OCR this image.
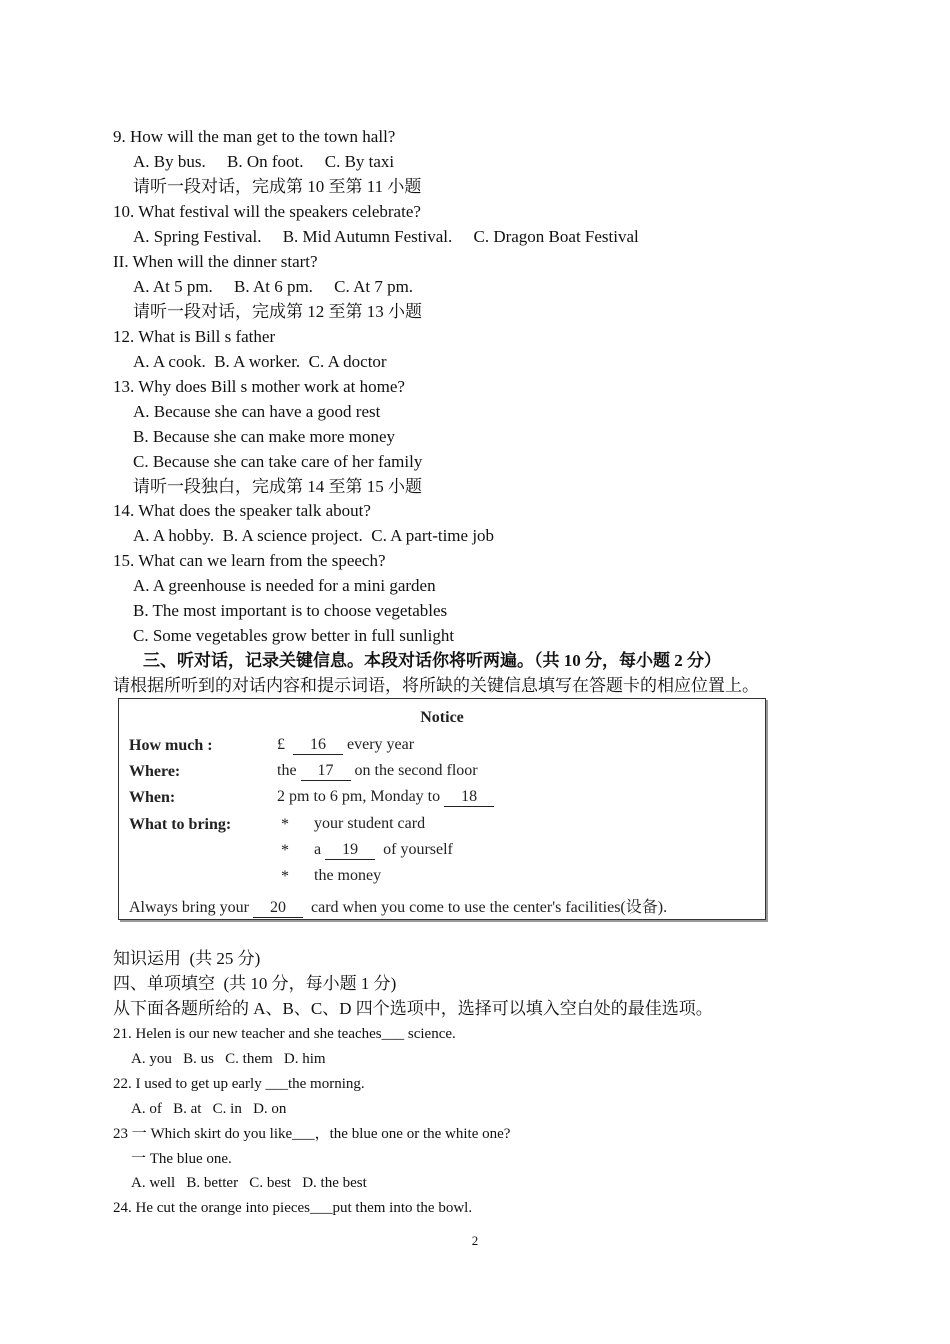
9. How will the man get to the town hall?
A. By bus.     B. On foot.     C. By taxi
请听一段对话，完成第 10 至第 11 小题
10. What festival will the speakers celebrate?
A. Spring Festival.     B. Mid Autumn Festival.     C. Dragon Boat Festival
II. When will the dinner start?
A. At 5 pm.     B. At 6 pm.     C. At 7 pm.
请听一段对话，完成第 12 至第 13 小题
12. What is Bill s father
A. A cook.  B. A worker.  C. A doctor
13. Why does Bill s mother work at home?
A. Because she can have a good rest
B. Because she can make more money
C. Because she can take care of her family
请听一段独白，完成第 14 至第 15 小题
14. What does the speaker talk about?
A. A hobby.  B. A science project.  C. A part-time job
15. What can we learn from the speech?
A. A greenhouse is needed for a mini garden
B. The most important is to choose vegetables
C. Some vegetables grow better in full sunlight
三、听对话，记录关键信息。本段对话你将听两遍。（共 10 分，每小题 2 分）
请根据所听到的对话内容和提示词语，将所缺的关键信息填写在答题卡的相应位置上。
Notice
How much :	£ 16 every year
Where:	the 17 on the second floor
When:	2 pm to 6 pm, Monday to 18
What to bring:	* your student card
* a 19 of yourself
* the money
Always bring your 20 card when you come to use the center's facilities(设备).
知识运用  (共 25 分)
四、单项填空  (共 10 分，每小题 1 分)
从下面各题所给的 A、B、C、D 四个选项中，选择可以填入空白处的最佳选项。
21. Helen is our new teacher and she teaches___ science.
A. you   B. us   C. them   D. him
22. I used to get up early ___the morning.
A. of   B. at   C. in   D. on
23 一 Which skirt do you like___，the blue one or the white one?
一 The blue one.
A. well   B. better   C. best   D. the best
24. He cut the orange into pieces___put them into the bowl.
2
